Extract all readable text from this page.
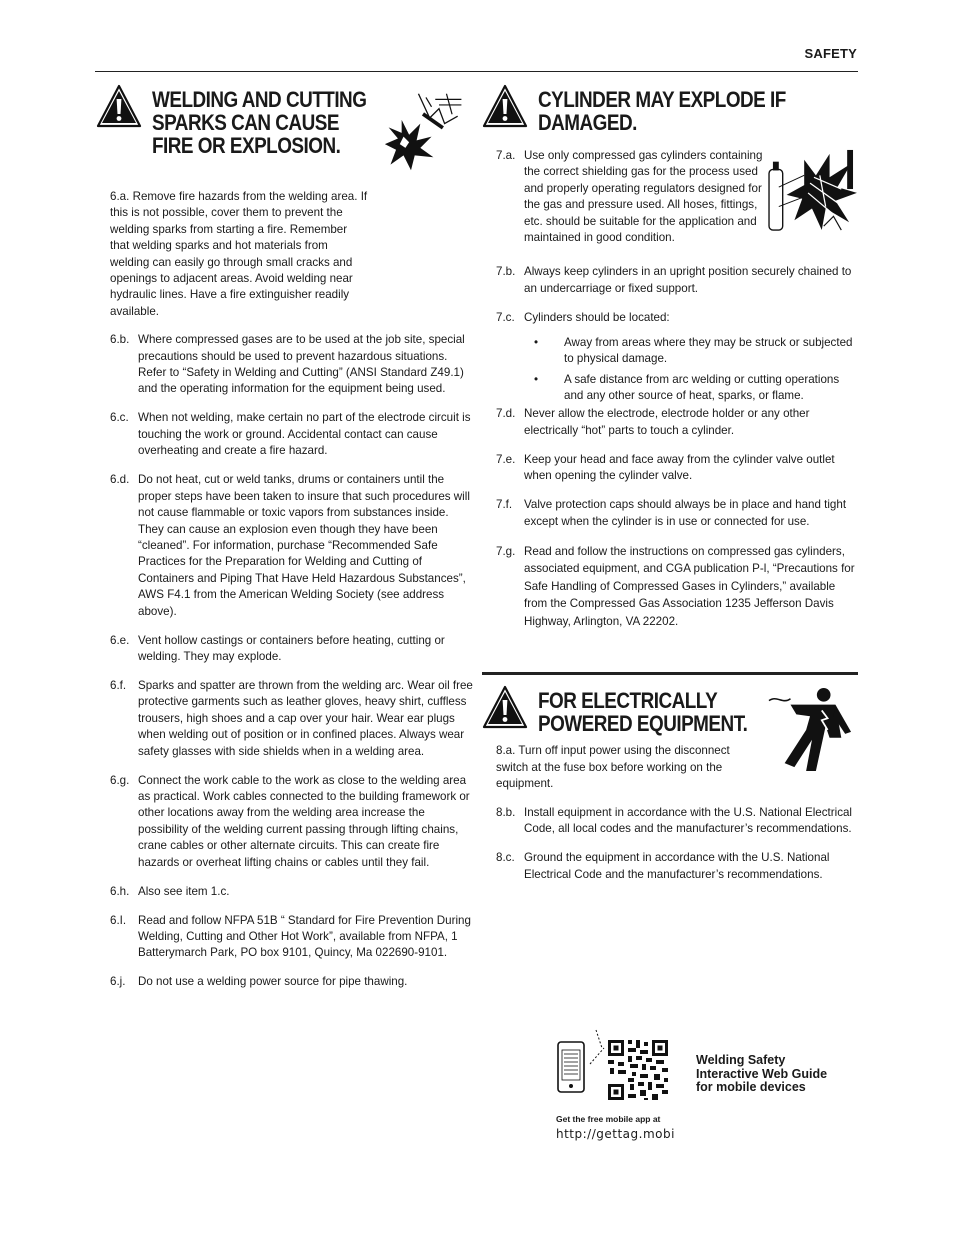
SAFETY
WELDING AND CUTTING
SPARKS CAN CAUSE
FIRE OR EXPLOSION.
6.a. Remove fire hazards from the welding area. If this is not possible, cover them to prevent the welding sparks from starting a fire. Remember that welding sparks and hot materials from welding can easily go through small cracks and openings to adjacent areas. Avoid welding near hydraulic lines. Have a fire extinguisher readily available.
6.b. Where compressed gases are to be used at the job site, special precautions should be used to prevent hazardous situations. Refer to “Safety in Welding and Cutting” (ANSI Standard Z49.1) and the operating information for the equipment being used.
6.c. When not welding, make certain no part of the electrode circuit is touching the work or ground. Accidental contact can cause overheating and create a fire hazard.
6.d. Do not heat, cut or weld tanks, drums or containers until the proper steps have been taken to insure that such procedures will not cause flammable or toxic vapors from substances inside. They can cause an explosion even though they have been “cleaned”. For information, purchase “Recommended Safe Practices for the Preparation for Welding and Cutting of Containers and Piping That Have Held Hazardous Substances”, AWS F4.1 from the American Welding Society (see address above).
6.e. Vent hollow castings or containers before heating, cutting or welding. They may explode.
6.f. Sparks and spatter are thrown from the welding arc. Wear oil free protective garments such as leather gloves, heavy shirt, cuffless trousers, high shoes and a cap over your hair. Wear ear plugs when welding out of position or in confined places. Always wear safety glasses with side shields when in a welding area.
6.g. Connect the work cable to the work as close to the welding area as practical. Work cables connected to the building framework or other locations away from the welding area increase the possibility of the welding current passing through lifting chains, crane cables or other alternate circuits. This can create fire hazards or overheat lifting chains or cables until they fail.
6.h. Also see item 1.c.
6.I. Read and follow NFPA 51B “ Standard for Fire Prevention During Welding, Cutting and Other Hot Work”, available from NFPA, 1 Batterymarch Park, PO box 9101, Quincy, Ma 022690-9101.
6.j. Do not use a welding power source for pipe thawing.
CYLINDER MAY EXPLODE IF
DAMAGED.
7.a. Use only compressed gas cylinders containing the correct shielding gas for the process used and properly operating regulators designed for the gas and pressure used. All hoses, fittings, etc. should be suitable for the application and maintained in good condition.
7.b. Always keep cylinders in an upright position securely chained to an undercarriage or fixed support.
7.c. Cylinders should be located:
• Away from areas where they may be struck or subjected to physical damage.
• A safe distance from arc welding or cutting operations and any other source of heat, sparks, or flame.
7.d. Never allow the electrode, electrode holder or any other electrically “hot” parts to touch a cylinder.
7.e. Keep your head and face away from the cylinder valve outlet when opening the cylinder valve.
7.f. Valve protection caps should always be in place and hand tight except when the cylinder is in use or connected for use.
7.g. Read and follow the instructions on compressed gas cylinders, associated equipment, and CGA publication P-l, “Precautions for Safe Handling of Compressed Gases in Cylinders,” available from the Compressed Gas Association 1235 Jefferson Davis Highway, Arlington, VA 22202.
FOR ELECTRICALLY
POWERED EQUIPMENT.
8.a. Turn off input power using the disconnect switch at the fuse box before working on the equipment.
8.b. Install equipment in accordance with the U.S. National Electrical Code, all local codes and the manufacturer’s recommendations.
8.c. Ground the equipment in accordance with the U.S. National Electrical Code and the manufacturer’s recommendations.
Welding Safety
Interactive Web Guide
for mobile devices
Get the free mobile app at
http://gettag.mobi
